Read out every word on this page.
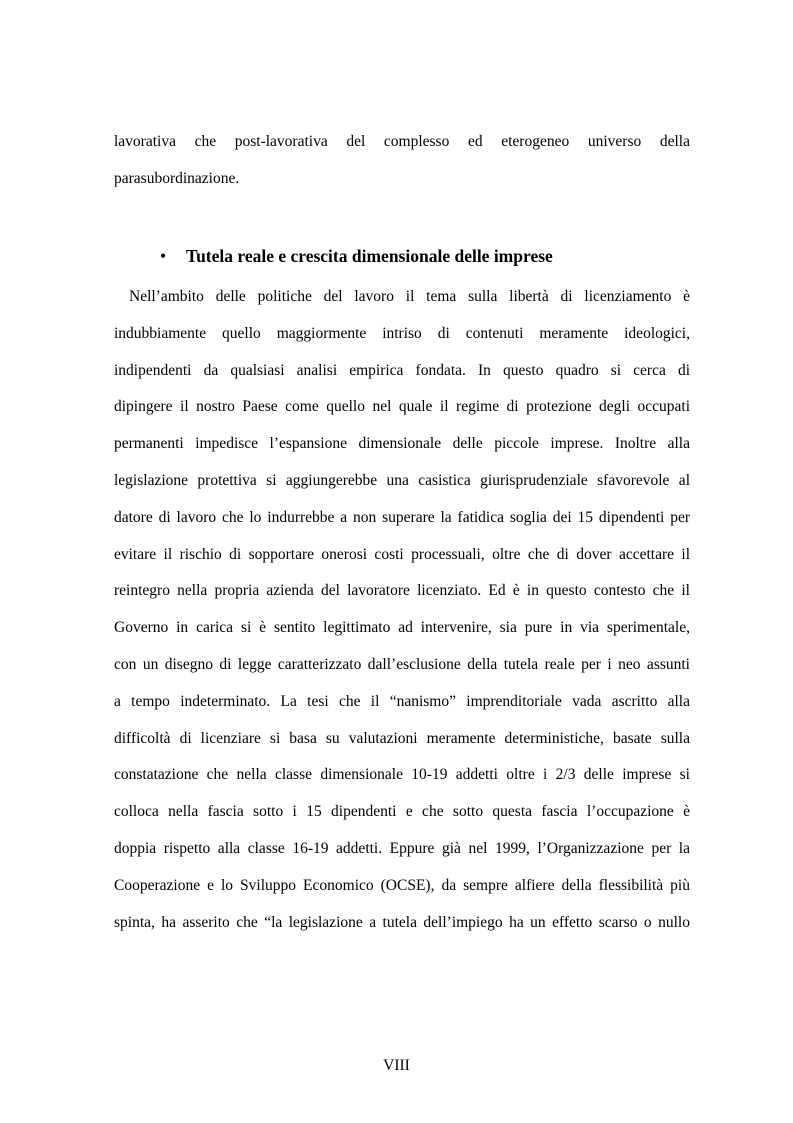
lavorativa che post-lavorativa del complesso ed eterogeneo universo della
parasubordinazione.
• Tutela reale e crescita dimensionale delle imprese
Nell’ambito delle politiche del lavoro il tema sulla libertà di licenziamento è
indubbiamente quello maggiormente intriso di contenuti meramente ideologici,
indipendenti da qualsiasi analisi empirica fondata. In questo quadro si cerca di
dipingere il nostro Paese come quello nel quale il regime di protezione degli occupati
permanenti impedisce l’espansione dimensionale delle piccole imprese. Inoltre alla
legislazione protettiva si aggiungerebbe una casistica giurisprudenziale sfavorevole al
datore di lavoro che lo indurrebbe a non superare la fatidica soglia dei 15 dipendenti per
evitare il rischio di sopportare onerosi costi processuali, oltre che di dover accettare il
reintegro nella propria azienda del lavoratore licenziato. Ed è in questo contesto che il
Governo in carica si è sentito legittimato ad intervenire, sia pure in via sperimentale,
con un disegno di legge caratterizzato dall’esclusione della tutela reale per i neo assunti
a tempo indeterminato. La tesi che il “nanismo” imprenditoriale vada ascritto alla
difficoltà di licenziare si basa su valutazioni meramente deterministiche, basate sulla
constatazione che nella classe dimensionale 10-19 addetti oltre i 2/3 delle imprese si
colloca nella fascia sotto i 15 dipendenti e che sotto questa fascia l’occupazione è
doppia rispetto alla classe 16-19 addetti. Eppure già nel 1999, l’Organizzazione per la
Cooperazione e lo Sviluppo Economico (OCSE), da sempre alfiere della flessibilità più
spinta, ha asserito che “la legislazione a tutela dell’impiego ha un effetto scarso o nullo
VIII
